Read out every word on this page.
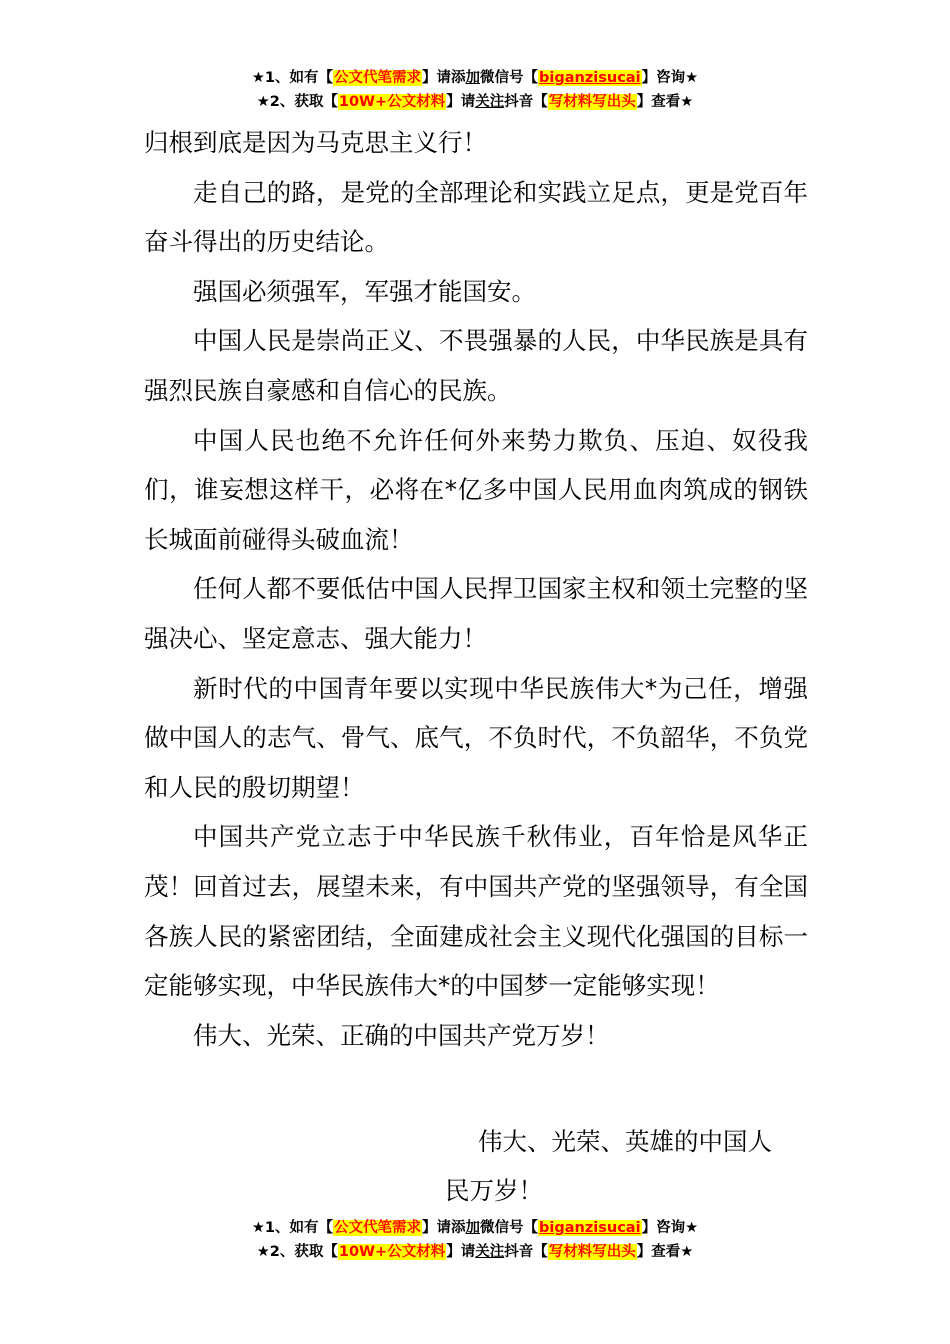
★1、如有【公文代笔需求】请添加微信号【biganzisucai】咨询★
★2、获取【10W+公文材料】请关注抖音【写材料写出头】查看★

归根到底是因为马克思主义行！

走自己的路，是党的全部理论和实践立足点，更是党百年奋斗得出的历史结论。

强国必须强军，军强才能国安。

中国人民是崇尚正义、不畏强暴的人民，中华民族是具有强烈民族自豪感和自信心的民族。

中国人民也绝不允许任何外来势力欺负、压迫、奴役我们，谁妄想这样干，必将在*亿多中国人民用血肉筑成的钢铁长城面前碰得头破血流！

任何人都不要低估中国人民捍卫国家主权和领土完整的坚强决心、坚定意志、强大能力！

新时代的中国青年要以实现中华民族伟大*为己任，增强做中国人的志气、骨气、底气，不负时代，不负韶华，不负党和人民的殷切期望！

中国共产党立志于中华民族千秋伟业，百年恰是风华正茂！回首过去，展望未来，有中国共产党的坚强领导，有全国各族人民的紧密团结，全面建成社会主义现代化强国的目标一定能够实现，中华民族伟大*的中国梦一定能够实现！

伟大、光荣、正确的中国共产党万岁！

伟大、光荣、英雄的中国人
民万岁！
★1、如有【公文代笔需求】请添加微信号【biganzisucai】咨询★
★2、获取【10W+公文材料】请关注抖音【写材料写出头】查看★
